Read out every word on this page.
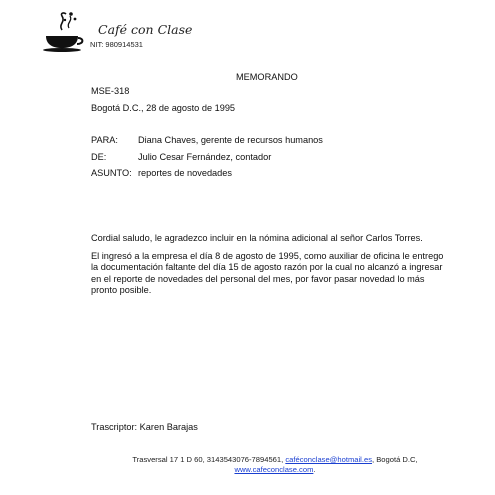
Café con Clase
NIT: 980914531
MEMORANDO
MSE-318
Bogotá D.C., 28 de agosto de 1995
PARA: Diana Chaves, gerente de recursos humanos
DE:	Julio Cesar Fernández, contador
ASUNTO: reportes de novedades
Cordial saludo, le agradezco incluir en la nómina adicional al señor Carlos Torres.
El ingresó a la empresa el día 8 de agosto de 1995, como auxiliar de oficina le entrego la documentación faltante del día 15 de agosto razón por la cual no alcanzó a ingresar en el reporte de novedades del personal del mes, por favor pasar novedad lo más pronto posible.
Trascriptor: Karen Barajas
Trasversal 17 1 D 60, 3143543076-7894561, caféconclase@hotmail.es, Bogotá D.C,
www.cafeconclase.com.
